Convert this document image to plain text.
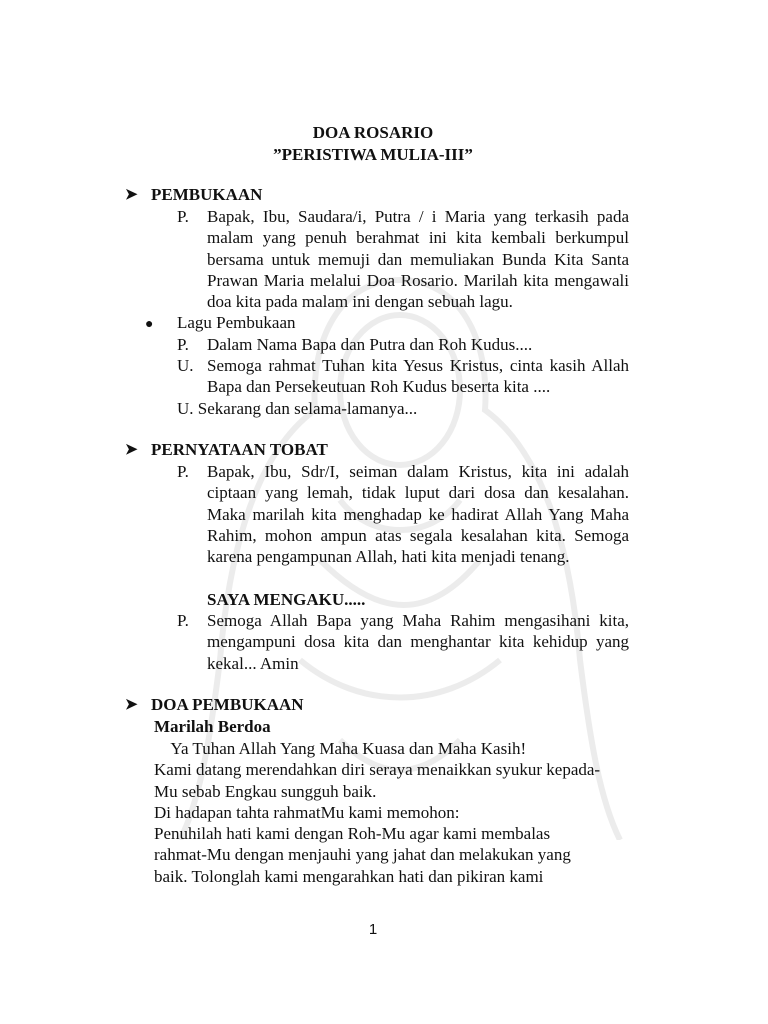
DOA ROSARIO
”PERISTIWA MULIA-III”
➤ PEMBUKAAN
P. Bapak, Ibu, Saudara/i, Putra / i Maria yang terkasih pada malam yang penuh berahmat ini kita kembali berkumpul bersama untuk memuji dan memuliakan Bunda Kita Santa Prawan Maria melalui Doa Rosario. Marilah kita mengawali doa kita pada malam ini dengan sebuah lagu.
● Lagu Pembukaan
P. Dalam Nama Bapa dan Putra dan Roh Kudus....
U. Semoga rahmat Tuhan kita Yesus Kristus, cinta kasih Allah Bapa dan Persekeutuan Roh Kudus beserta kita ....
U. Sekarang dan selama-lamanya...
➤ PERNYATAAN TOBAT
P. Bapak, Ibu, Sdr/I, seiman dalam Kristus, kita ini adalah ciptaan yang lemah, tidak luput dari dosa dan kesalahan. Maka marilah kita menghadap ke hadirat Allah Yang Maha Rahim, mohon ampun atas segala kesalahan kita. Semoga karena pengampunan Allah, hati kita menjadi tenang.
SAYA MENGAKU.....
P. Semoga Allah Bapa yang Maha Rahim mengasihani kita, mengampuni dosa kita dan menghantar kita kehidup yang kekal... Amin
➤ DOA PEMBUKAAN
Marilah Berdoa
Ya Tuhan Allah Yang Maha Kuasa dan Maha Kasih!
Kami datang merendahkan diri seraya menaikkan syukur kepada-
Mu sebab Engkau sungguh baik.
Di hadapan tahta rahmatMu kami memohon:
Penuhilah hati kami dengan Roh-Mu agar kami membalas
rahmat-Mu dengan menjauhi yang jahat dan melakukan yang
baik. Tolonglah kami mengarahkan hati dan pikiran kami
1
